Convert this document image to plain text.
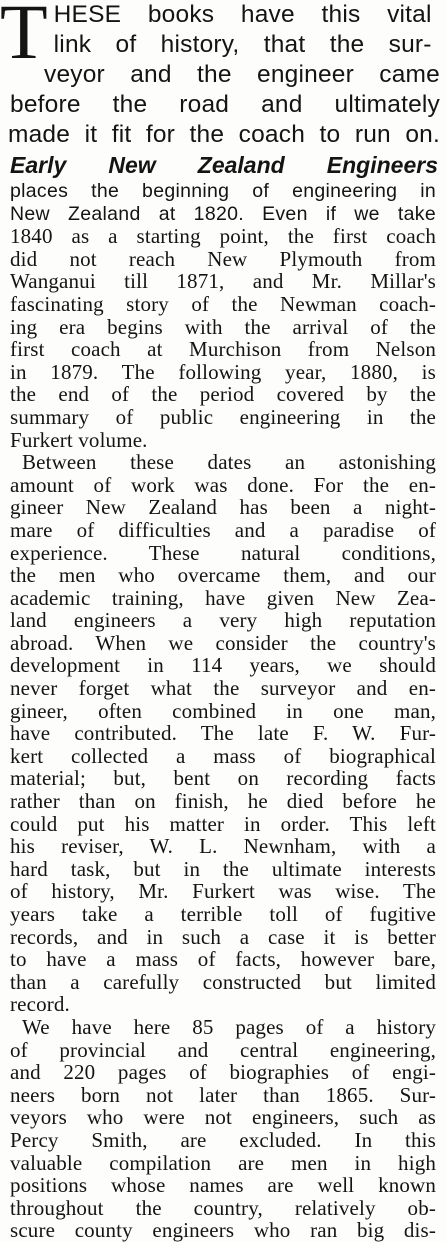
T HESE books have this vital
link of history, that the sur-
veyor and the engineer came
before the road and ultimately
made it fit for the coach to run on.
Early New Zealand Engineers
places the beginning of engineering in
New Zealand at 1820. Even if we take
1840 as a starting point, the first coach
did not reach New Plymouth from
Wanganui till 1871, and Mr. Millar's
fascinating story of the Newman coach-
ing era begins with the arrival of the
first coach at Murchison from Nelson
in 1879. The following year, 1880, is
the end of the period covered by the
summary of public engineering in the
Furkert volume.
Between these dates an astonishing
amount of work was done. For the en-
gineer New Zealand has been a night-
mare of difficulties and a paradise of
experience. These natural conditions,
the men who overcame them, and our
academic training, have given New Zea-
land engineers a very high reputation
abroad. When we consider the country's
development in 114 years, we should
never forget what the surveyor and en-
gineer, often combined in one man,
have contributed. The late F. W. Fur-
kert collected a mass of biographical
material; but, bent on recording facts
rather than on finish, he died before he
could put his matter in order. This left
his reviser, W. L. Newnham, with a
hard task, but in the ultimate interests
of history, Mr. Furkert was wise. The
years take a terrible toll of fugitive
records, and in such a case it is better
to have a mass of facts, however bare,
than a carefully constructed but limited
record.
We have here 85 pages of a history
of provincial and central engineering,
and 220 pages of biographies of engi-
neers born not later than 1865. Sur-
veyors who were not engineers, such as
Percy Smith, are excluded. In this
valuable compilation are men in high
positions whose names are well known
throughout the country, relatively ob-
scure county engineers who ran big dis-
